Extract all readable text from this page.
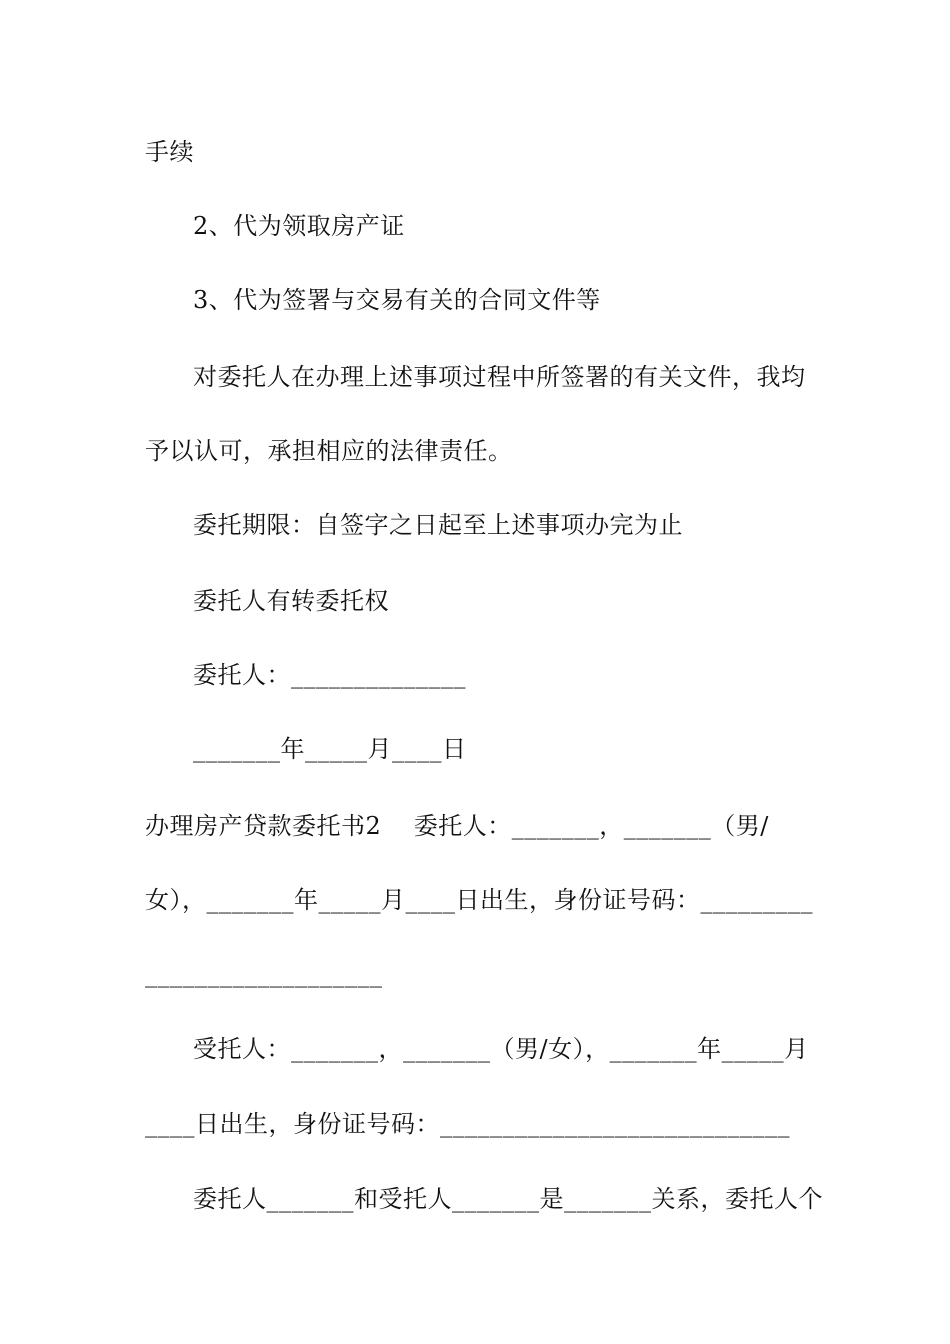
手续
2、代为领取房产证
3、代为签署与交易有关的合同文件等
对委托人在办理上述事项过程中所签署的有关文件，我均
予以认可，承担相应的法律责任。
委托期限：自签字之日起至上述事项办完为止
委托人有转委托权
委托人：______________
_______年_____月____日
办理房产贷款委托书2    委托人：_______，_______（男/
女），_______年_____月____日出生，身份证号码：_________
___________________
受托人：_______，_______（男/女），_______年_____月
____日出生，身份证号码：____________________________
委托人_______和受托人_______是_______关系，委托人个
